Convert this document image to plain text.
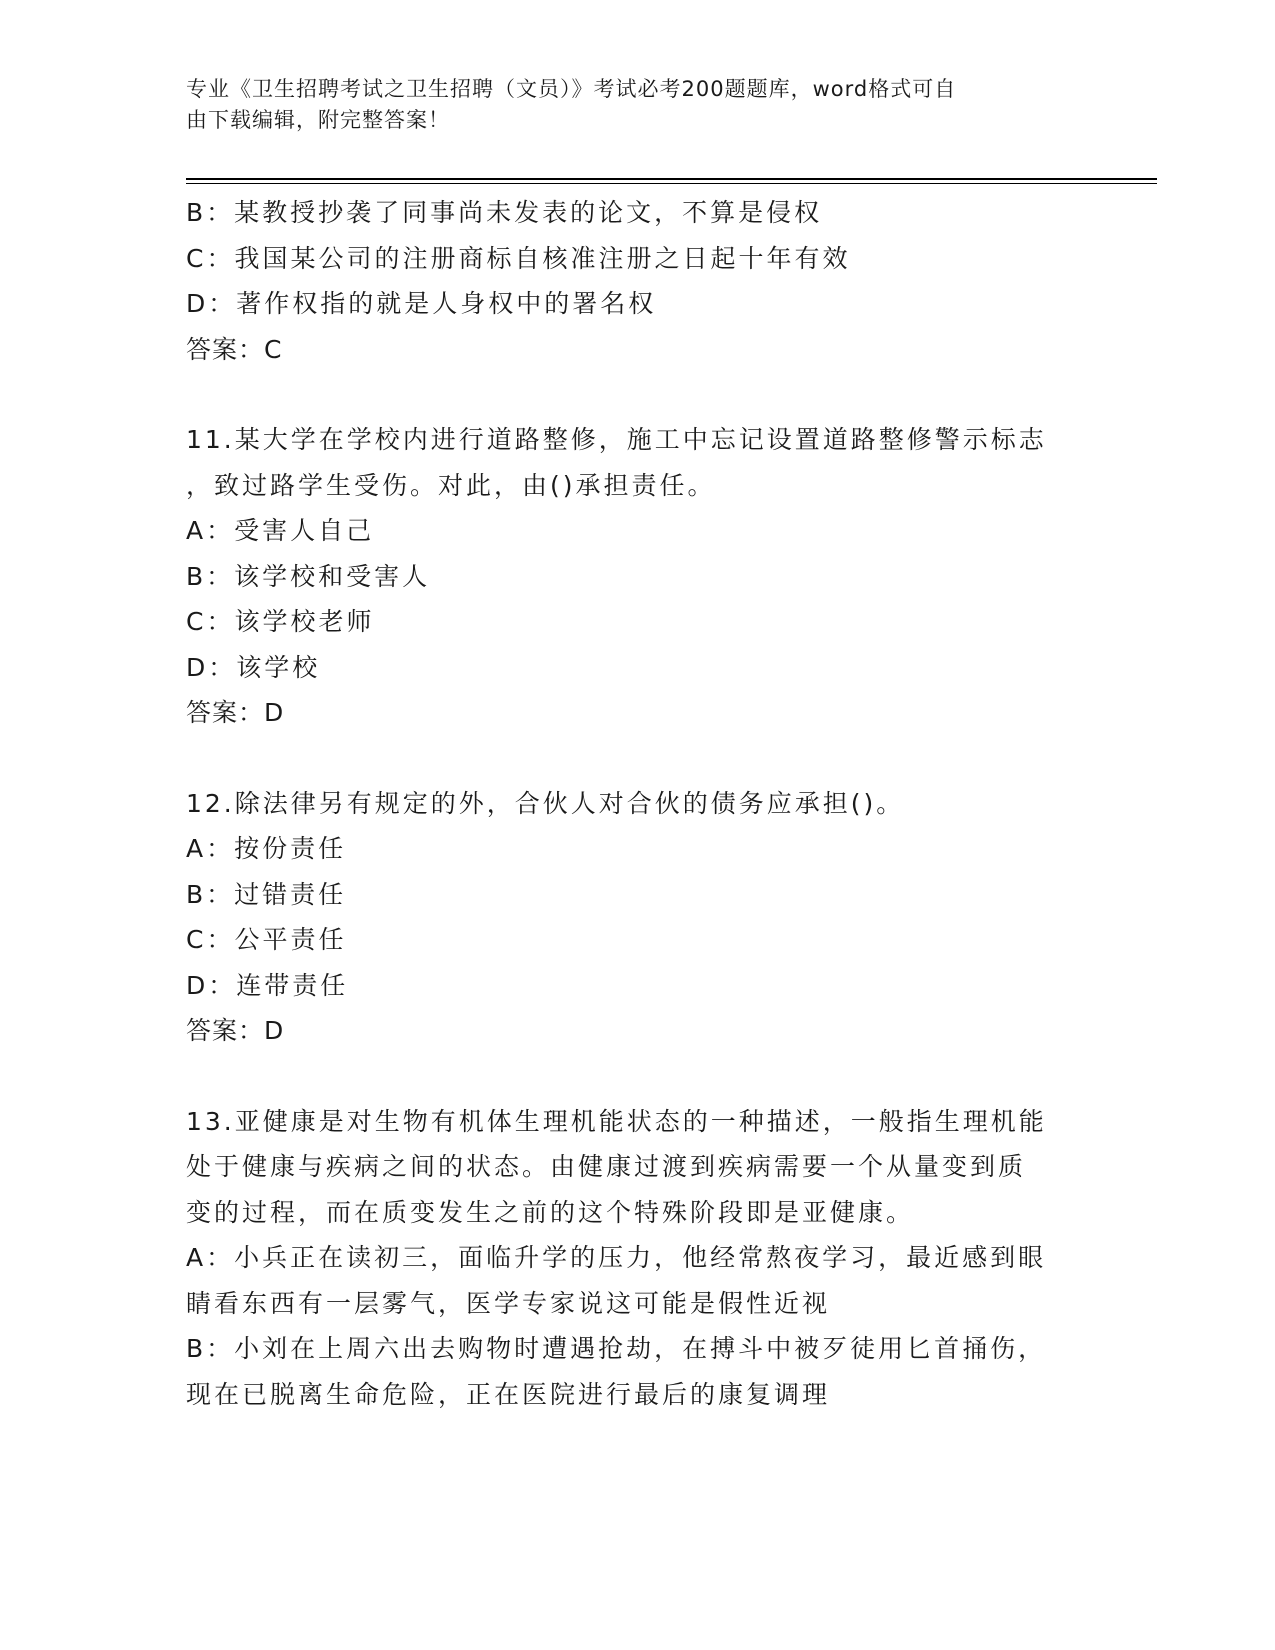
专业《卫生招聘考试之卫生招聘（文员）》考试必考200题题库，word格式可自
由下载编辑，附完整答案！
B：某教授抄袭了同事尚未发表的论文，不算是侵权
C：我国某公司的注册商标自核准注册之日起十年有效
D：著作权指的就是人身权中的署名权
答案：C
11.某大学在学校内进行道路整修，施工中忘记设置道路整修警示标志
，致过路学生受伤。对此，由()承担责任。
A：受害人自己
B：该学校和受害人
C：该学校老师
D：该学校
答案：D
12.除法律另有规定的外，合伙人对合伙的债务应承担()。
A：按份责任
B：过错责任
C：公平责任
D：连带责任
答案：D
13.亚健康是对生物有机体生理机能状态的一种描述，一般指生理机能
处于健康与疾病之间的状态。由健康过渡到疾病需要一个从量变到质
变的过程，而在质变发生之前的这个特殊阶段即是亚健康。
A：小兵正在读初三，面临升学的压力，他经常熬夜学习，最近感到眼
睛看东西有一层雾气，医学专家说这可能是假性近视
B：小刘在上周六出去购物时遭遇抢劫，在搏斗中被歹徒用匕首捅伤，
现在已脱离生命危险，正在医院进行最后的康复调理
